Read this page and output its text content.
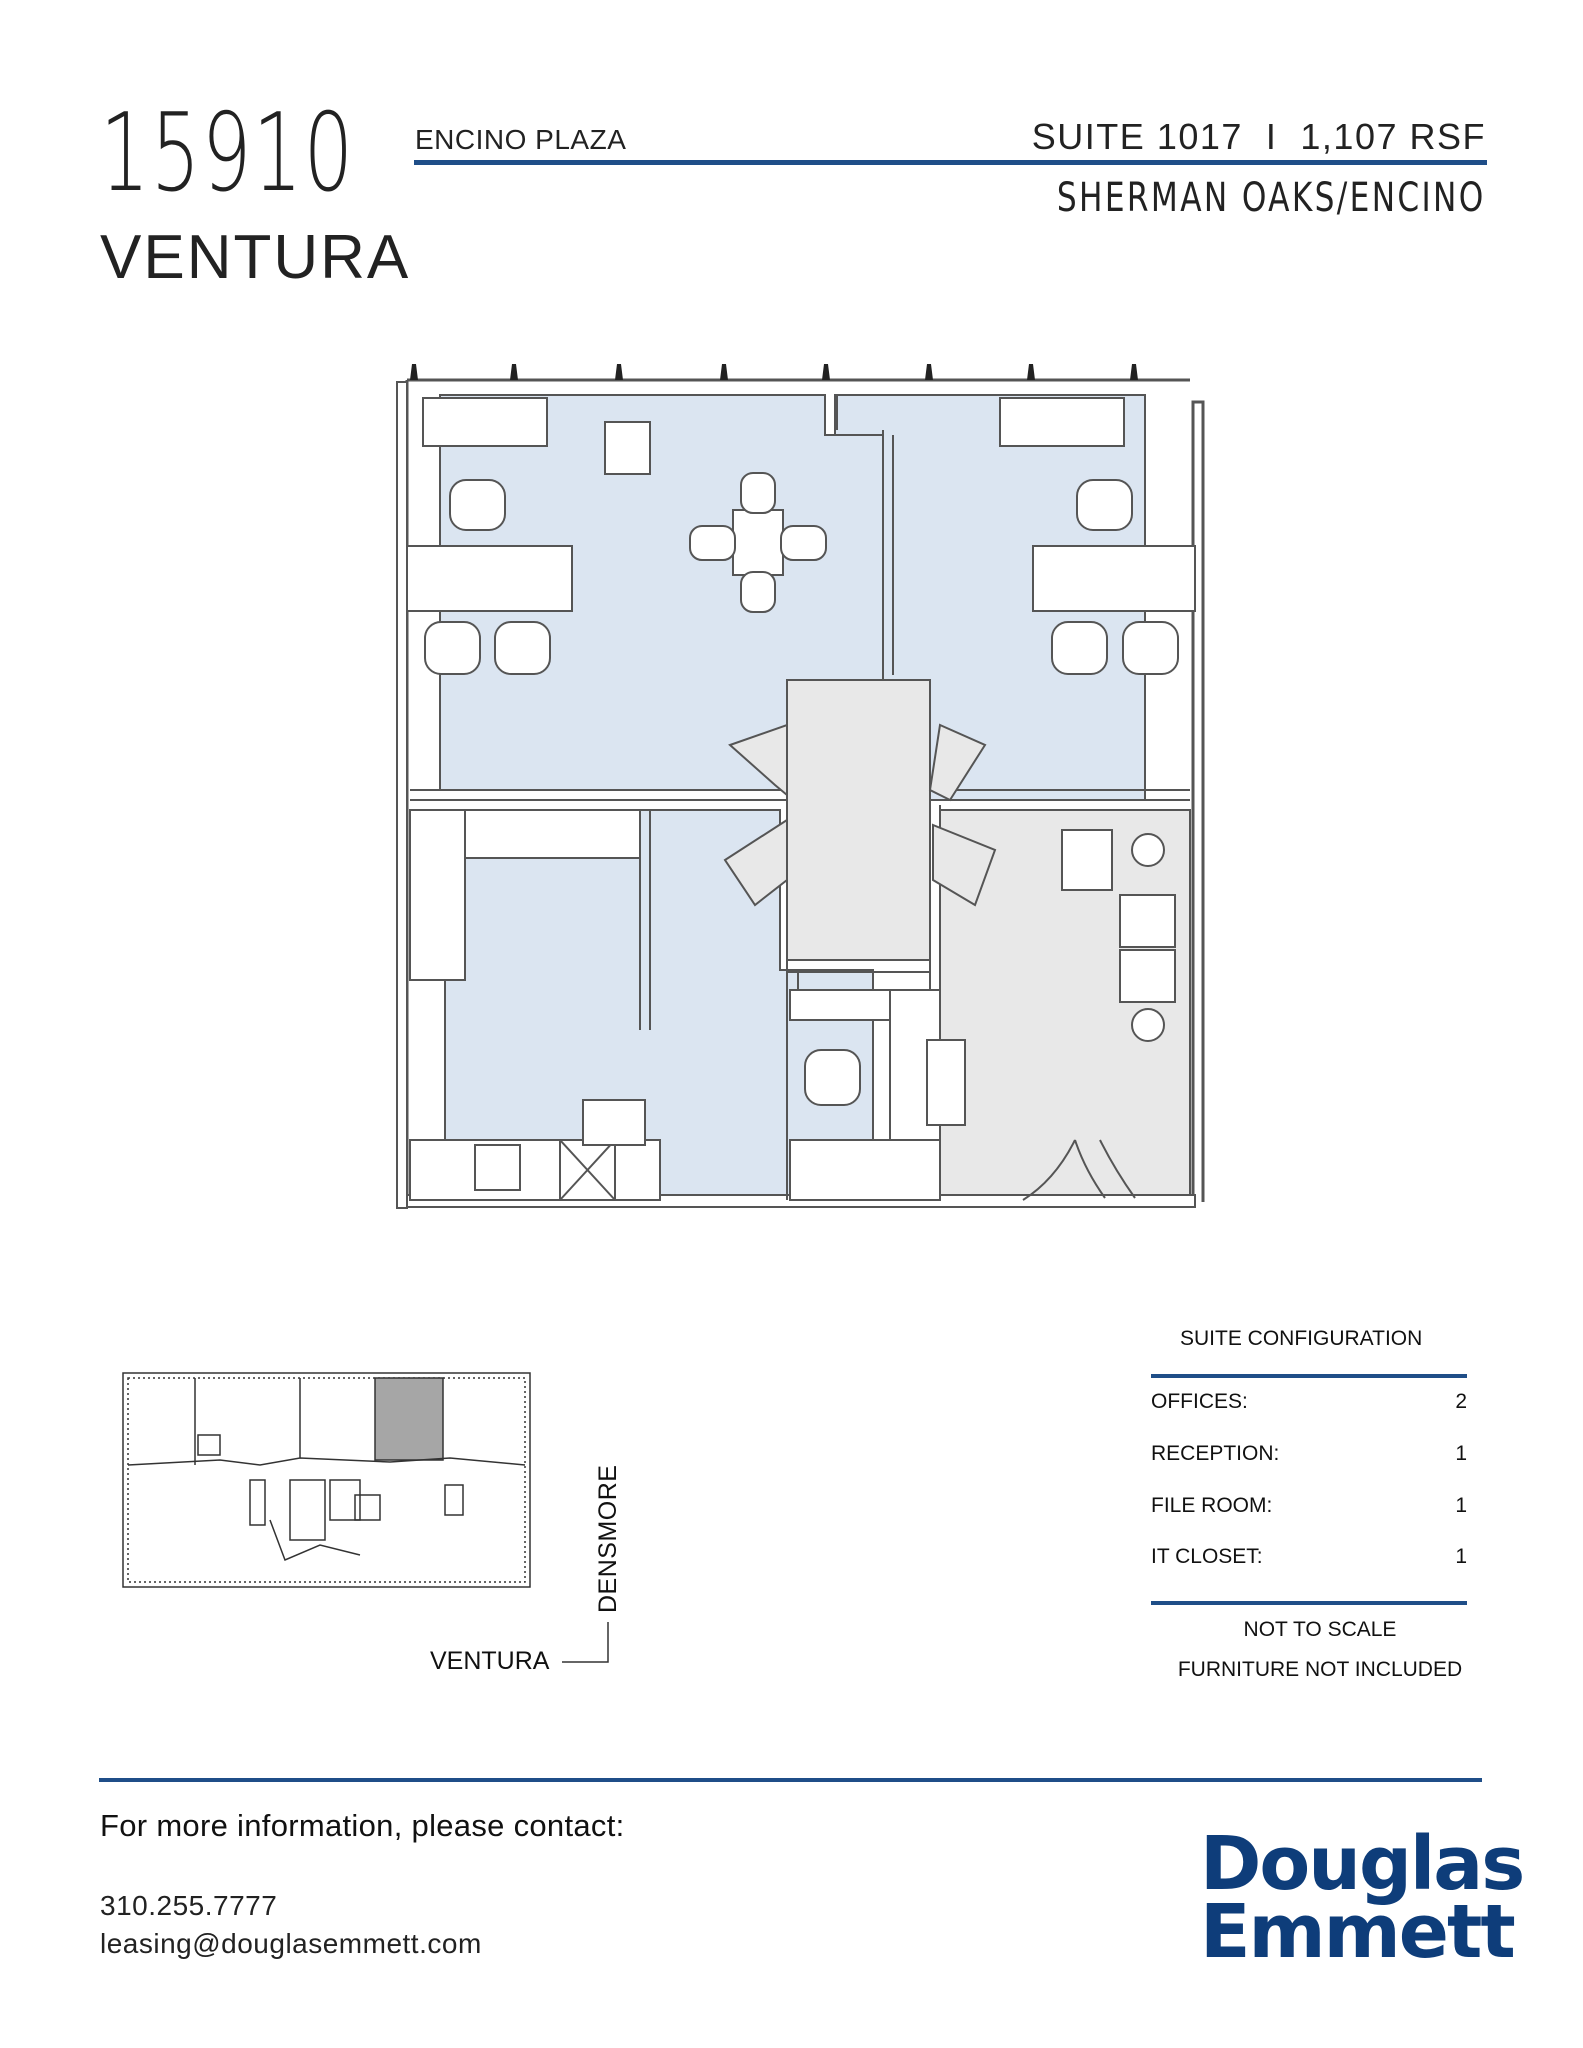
15910
VENTURA
ENCINO PLAZA	SUITE 1017  I  1,107 RSF
SHERMAN OAKS/ENCINO
DENSMORE
VENTURA
SUITE CONFIGURATION
OFFICES:	2
RECEPTION:	1
FILE ROOM:	1
IT CLOSET:	1
NOT TO SCALE
FURNITURE NOT INCLUDED
For more information, please contact:
310.255.7777
leasing@douglasemmett.com
Douglas
Emmett
